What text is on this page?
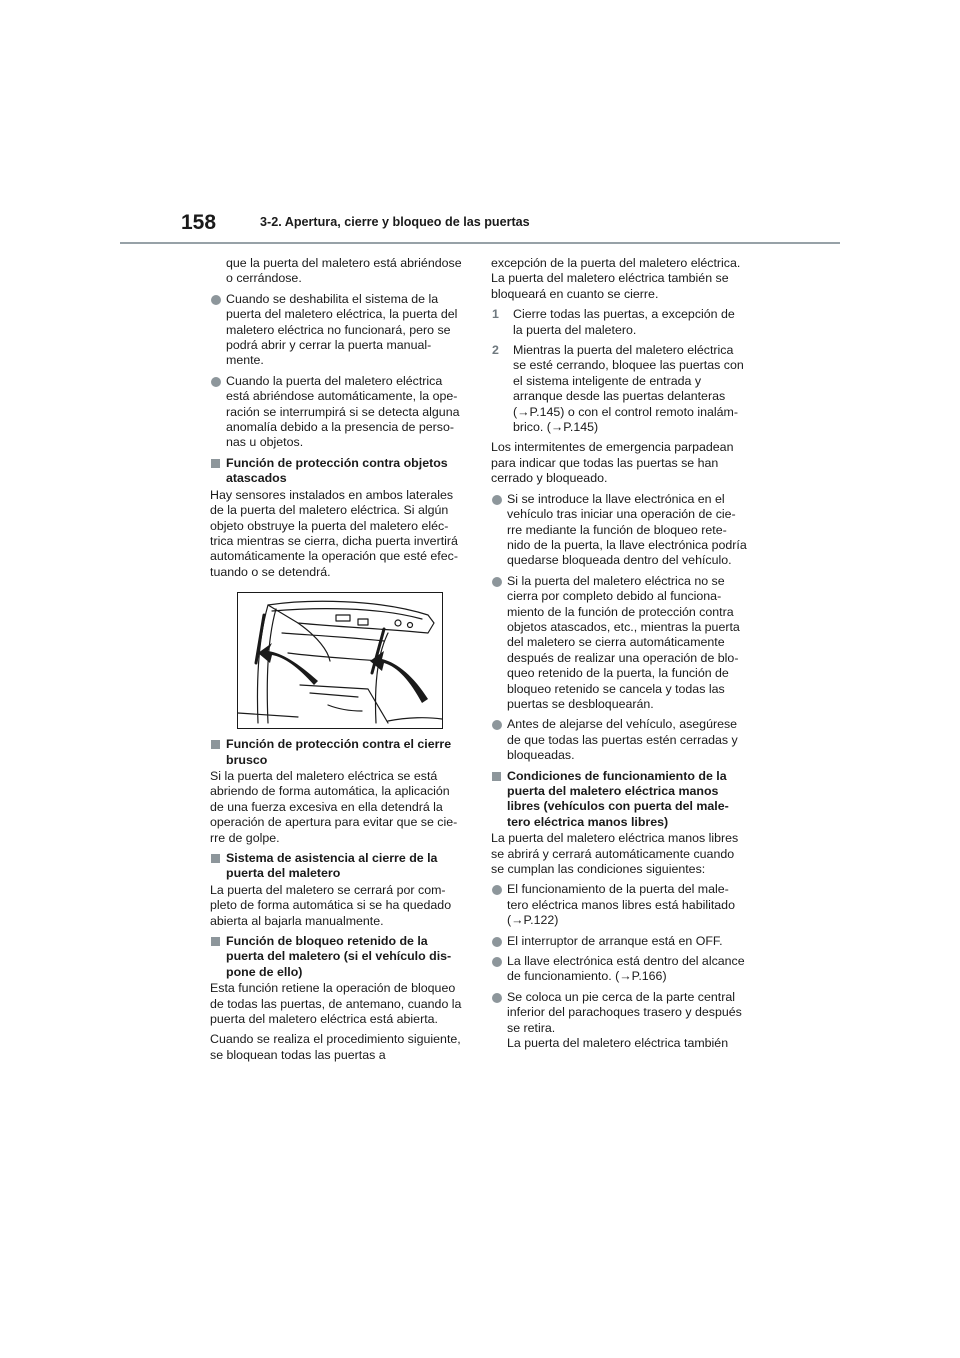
158	3-2. Apertura, cierre y bloqueo de las puertas

que la puerta del maletero está abriéndose o cerrándose.

Cuando se deshabilita el sistema de la puerta del maletero eléctrica, la puerta del maletero eléctrica no funcionará, pero se podrá abrir y cerrar la puerta manual- mente.
Cuando la puerta del maletero eléctrica está abriéndose automáticamente, la ope- ración se interrumpirá si se detecta alguna anomalía debido a la presencia de perso- nas u objetos.
Función de protección contra objetos atascados

Hay sensores instalados en ambos laterales de la puerta del maletero eléctrica. Si algún objeto obstruye la puerta del maletero eléc- trica mientras se cierra, dicha puerta invertirá automáticamente la operación que esté efec- tuando o se detendrá.

Función de protección contra el cierre brusco

Si la puerta del maletero eléctrica se está abriendo de forma automática, la aplicación de una fuerza excesiva en ella detendrá la operación de apertura para evitar que se cie- rre de golpe.

Sistema de asistencia al cierre de la puerta del maletero

La puerta del maletero se cerrará por com- pleto de forma automática si se ha quedado abierta al bajarla manualmente.

Función de bloqueo retenido de la puerta del maletero (si el vehículo dis- pone de ello)

Esta función retiene la operación de bloqueo de todas las puertas, de antemano, cuando la puerta del maletero eléctrica está abierta.

Cuando se realiza el procedimiento siguiente, se bloquean todas las puertas a

excepción de la puerta del maletero eléctrica. La puerta del maletero eléctrica también se bloqueará en cuanto se cierre.

1 Cierre todas las puertas, a excepción de la puerta del maletero.
2 Mientras la puerta del maletero eléctrica se esté cerrando, bloquee las puertas con el sistema inteligente de entrada y arranque desde las puertas delanteras (→P.145) o con el control remoto inalám- brico. (→P.145)

Los intermitentes de emergencia parpadean para indicar que todas las puertas se han cerrado y bloqueado.

Si se introduce la llave electrónica en el vehículo tras iniciar una operación de cie- rre mediante la función de bloqueo rete- nido de la puerta, la llave electrónica podría quedarse bloqueada dentro del vehículo.
Si la puerta del maletero eléctrica no se cierra por completo debido al funciona- miento de la función de protección contra objetos atascados, etc., mientras la puerta del maletero se cierra automáticamente después de realizar una operación de blo- queo retenido de la puerta, la función de bloqueo retenido se cancela y todas las puertas se desbloquearán.
Antes de alejarse del vehículo, asegúrese de que todas las puertas estén cerradas y bloqueadas.
Condiciones de funcionamiento de la puerta del maletero eléctrica manos libres (vehículos con puerta del male- tero eléctrica manos libres)

La puerta del maletero eléctrica manos libres se abrirá y cerrará automáticamente cuando se cumplan las condiciones siguientes:

El funcionamiento de la puerta del male- tero eléctrica manos libres está habilitado (→P.122)
El interruptor de arranque está en OFF.
La llave electrónica está dentro del alcance de funcionamiento. (→P.166)
Se coloca un pie cerca de la parte central inferior del parachoques trasero y después se retira.
La puerta del maletero eléctrica también
